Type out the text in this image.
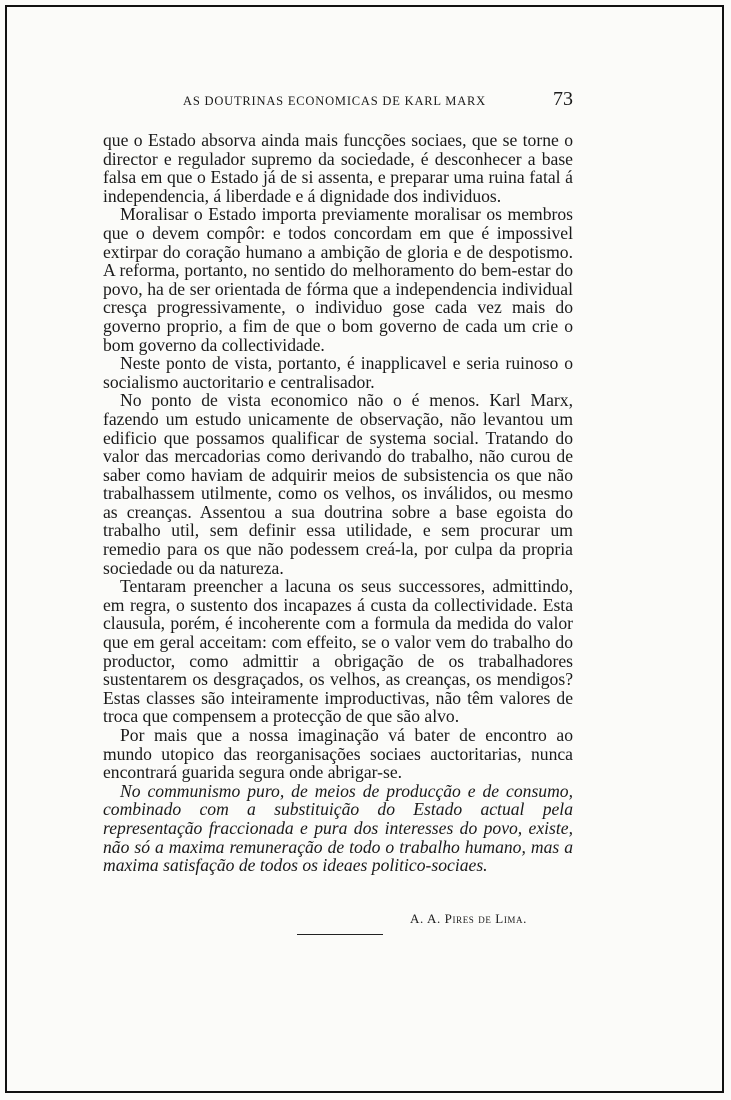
AS DOUTRINAS ECONOMICAS DE KARL MARX	73

que o Estado absorva ainda mais funcções sociaes, que se torne o director e regulador supremo da sociedade, é desconhecer a base falsa em que o Estado já de si assenta, e preparar uma ruina fatal á independencia, á liberdade e á dignidade dos individuos.

Moralisar o Estado importa previamente moralisar os membros que o devem compôr: e todos concordam em que é impossivel extirpar do coração humano a ambição de gloria e de despotismo. A reforma, portanto, no sentido do melhoramento do bem-estar do povo, ha de ser orientada de fórma que a independencia individual cresça progressivamente, o individuo gose cada vez mais do governo proprio, a fim de que o bom governo de cada um crie o bom governo da collectividade.

Neste ponto de vista, portanto, é inapplicavel e seria ruinoso o socialismo auctoritario e centralisador.

No ponto de vista economico não o é menos. Karl Marx, fazendo um estudo unicamente de observação, não levantou um edificio que possamos qualificar de systema social. Tratando do valor das mercadorias como derivando do trabalho, não curou de saber como haviam de adquirir meios de subsistencia os que não trabalhassem utilmente, como os velhos, os inválidos, ou mesmo as creanças. Assentou a sua doutrina sobre a base egoista do trabalho util, sem definir essa utilidade, e sem procurar um remedio para os que não podessem creá-la, por culpa da propria sociedade ou da natureza.

Tentaram preencher a lacuna os seus successores, admittindo, em regra, o sustento dos incapazes á custa da collectividade. Esta clausula, porém, é incoherente com a formula da medida do valor que em geral acceitam: com effeito, se o valor vem do trabalho do productor, como admittir a obrigação de os trabalhadores sustentarem os desgraçados, os velhos, as creanças, os mendigos? Estas classes são inteiramente improductivas, não têm valores de troca que compensem a protecção de que são alvo.

Por mais que a nossa imaginação vá bater de encontro ao mundo utopico das reorganisações sociaes auctoritarias, nunca encontrará guarida segura onde abrigar-se.

No communismo puro, de meios de producção e de consumo, combinado com a substituição do Estado actual pela representação fraccionada e pura dos interesses do povo, existe, não só a maxima remuneração de todo o trabalho humano, mas a maxima satisfação de todos os ideaes politico-sociaes.

A. A. Pires de Lima.
